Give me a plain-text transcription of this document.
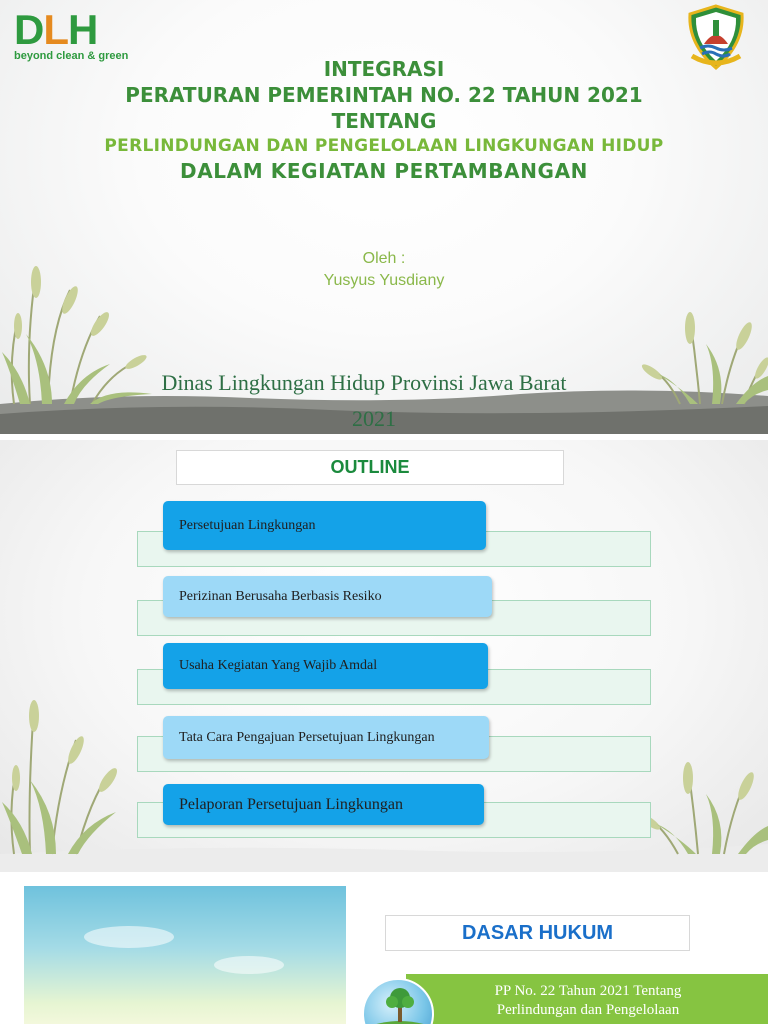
DLH
beyond clean & green
INTEGRASI
PERATURAN PEMERINTAH NO. 22 TAHUN 2021
TENTANG
PERLINDUNGAN DAN PENGELOLAAN LINGKUNGAN HIDUP
DALAM KEGIATAN PERTAMBANGAN
Oleh :
Yusyus Yusdiany
Dinas Lingkungan Hidup Provinsi Jawa Barat
2021
OUTLINE
Persetujuan Lingkungan
Perizinan Berusaha Berbasis Resiko
Usaha Kegiatan Yang Wajib Amdal
Tata Cara Pengajuan Persetujuan Lingkungan
Pelaporan Persetujuan Lingkungan
DASAR HUKUM
PP No. 22 Tahun 2021 Tentang
Perlindungan dan Pengelolaan
